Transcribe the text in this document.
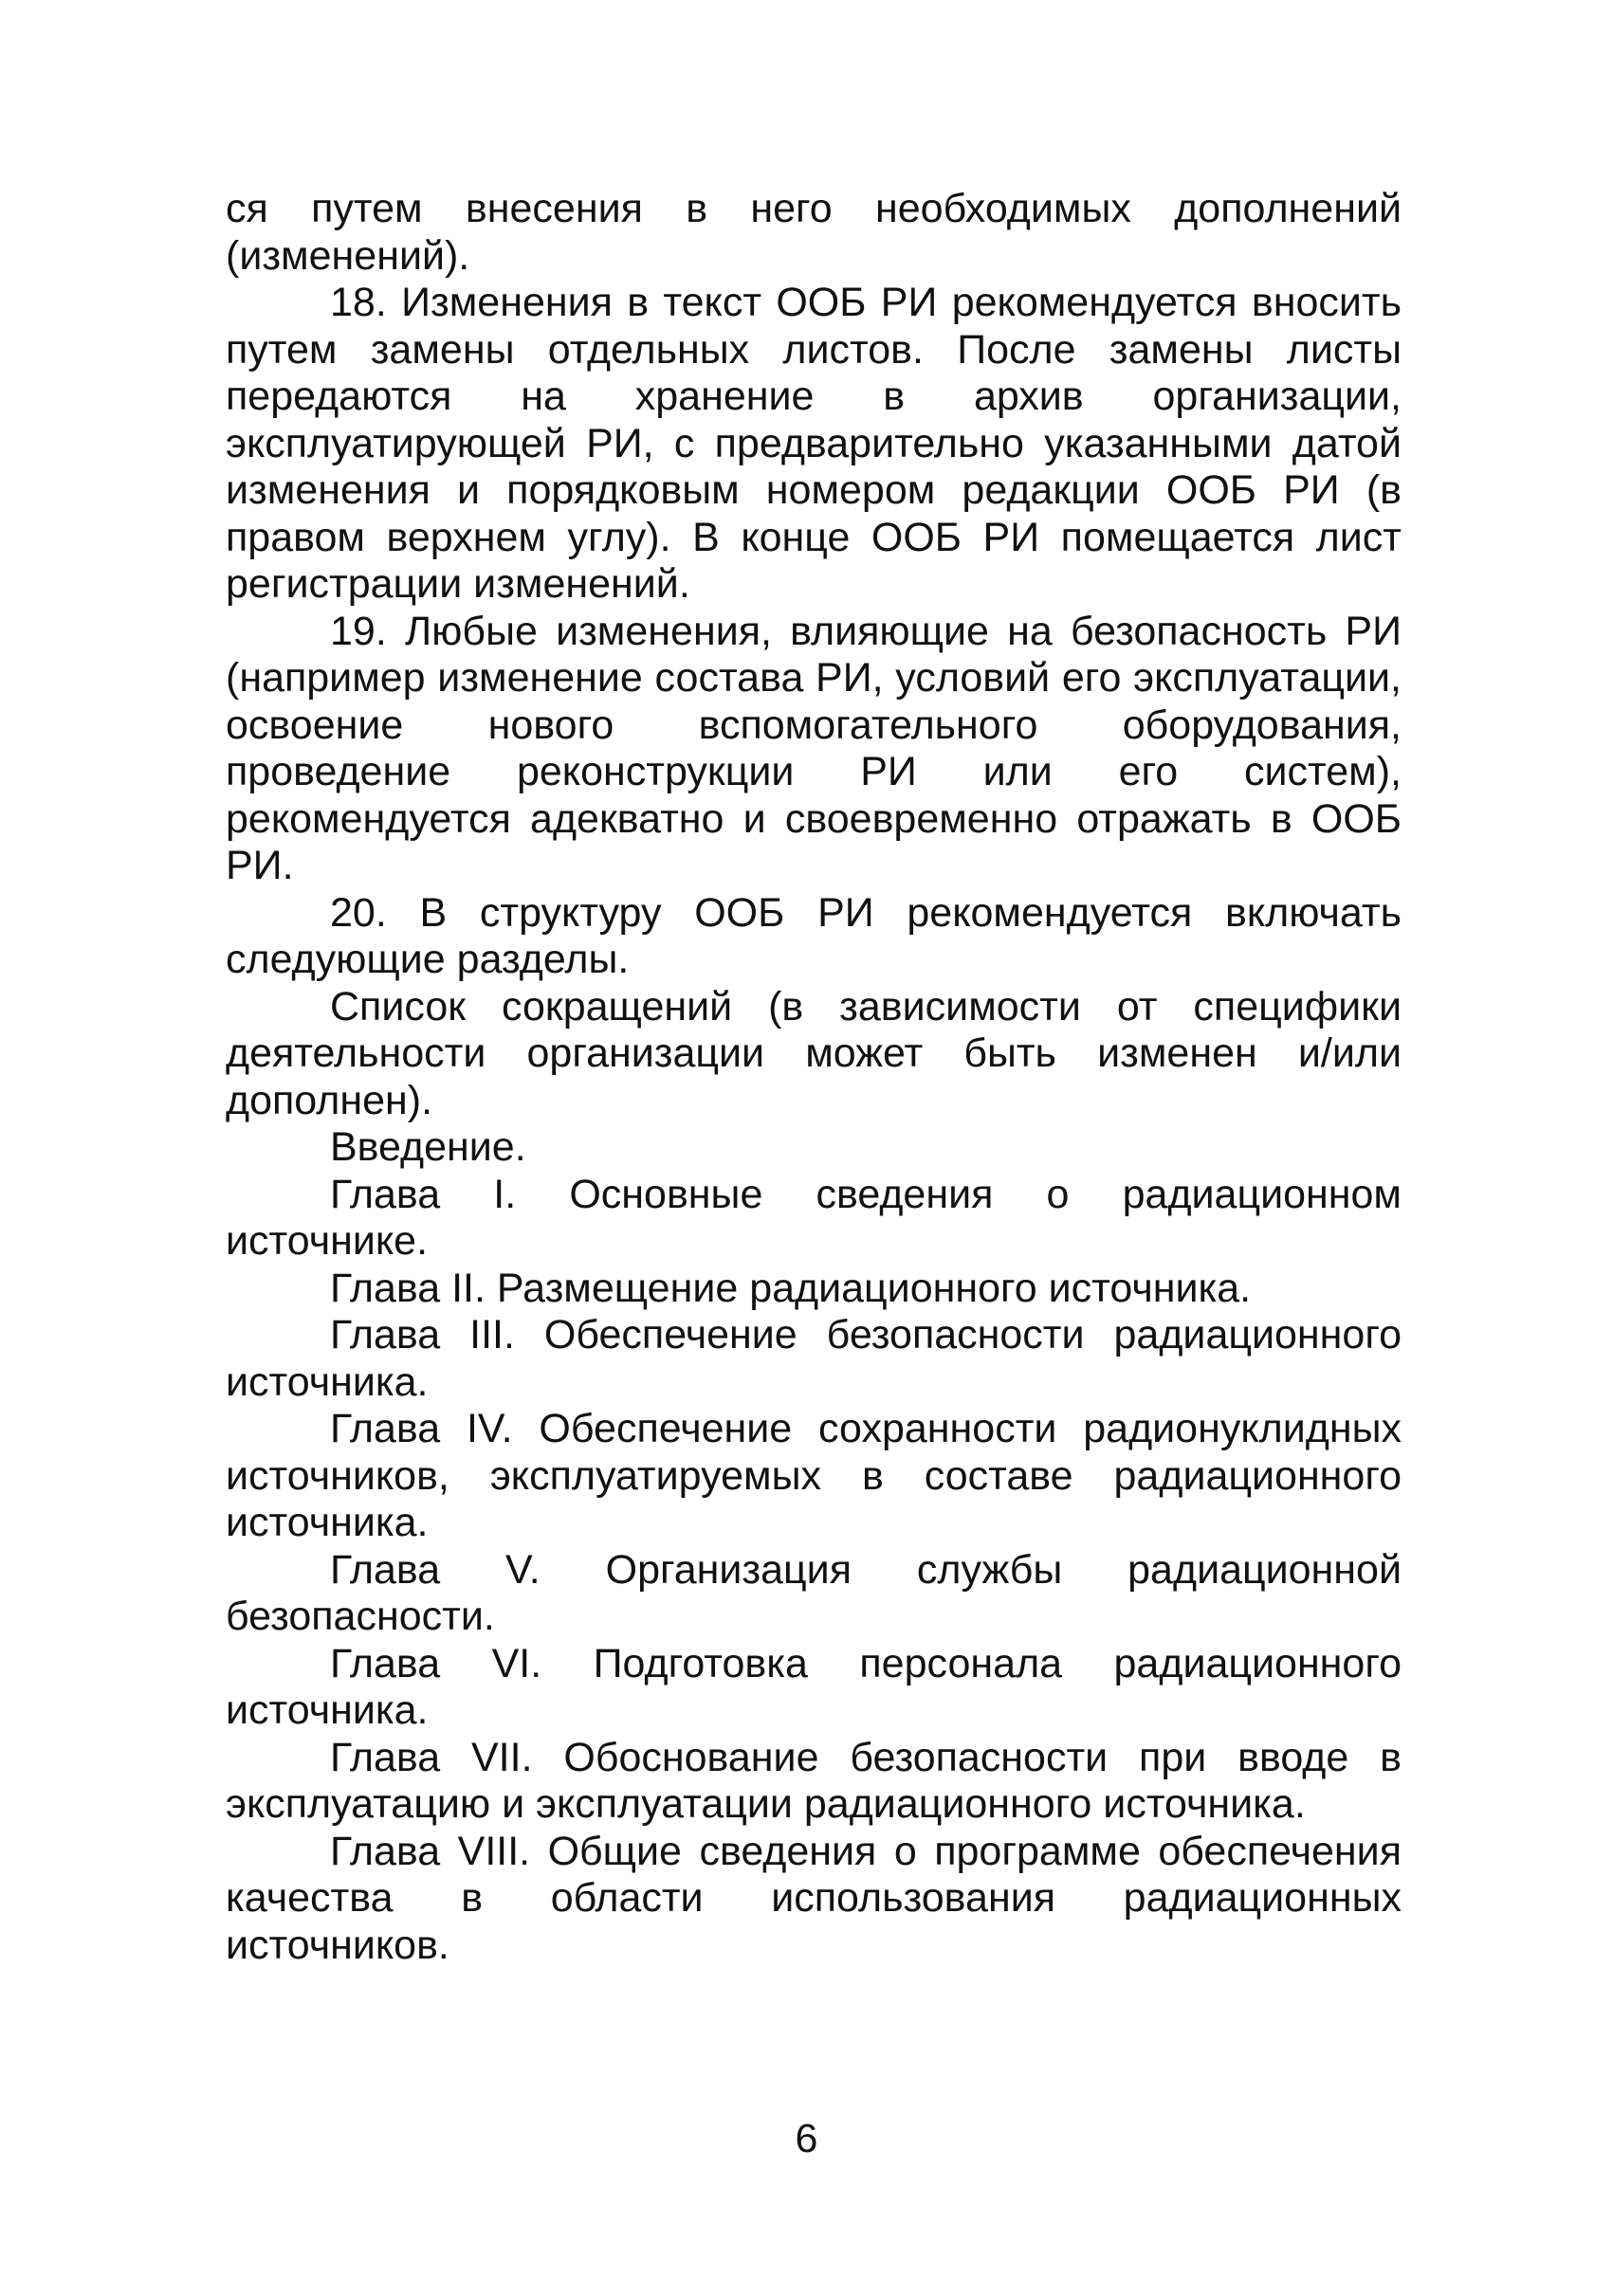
ся путем внесения в него необходимых дополнений (изменений).

18. Изменения в текст ООБ РИ рекомендуется вносить путем замены отдельных листов. После замены листы передаются на хранение в архив организации, эксплуатирующей РИ, с предварительно указанными датой изменения и порядковым номером редакции ООБ РИ (в правом верхнем углу). В конце ООБ РИ помещается лист регистрации изменений.

19. Любые изменения, влияющие на безопасность РИ (например изменение состава РИ, условий его эксплуатации, освоение нового вспомогательного оборудования, проведение реконструкции РИ или его систем), рекомендуется адекватно и своевременно отражать в ООБ РИ.

20. В структуру ООБ РИ рекомендуется включать следующие разделы.

Список сокращений (в зависимости от специфики деятельности организации может быть изменен и/или дополнен).

Введение.

Глава I. Основные сведения о радиационном источнике.

Глава II. Размещение радиационного источника.

Глава III. Обеспечение безопасности радиационного источника.

Глава IV. Обеспечение сохранности радионуклидных источников, эксплуатируемых в составе радиационного источника.

Глава V. Организация службы радиационной безопасности.

Глава VI. Подготовка персонала радиационного источника.

Глава VII. Обоснование безопасности при вводе в эксплуатацию и эксплуатации радиационного источника.

Глава VIII. Общие сведения о программе обеспечения качества в области использования радиационных источников.

6
